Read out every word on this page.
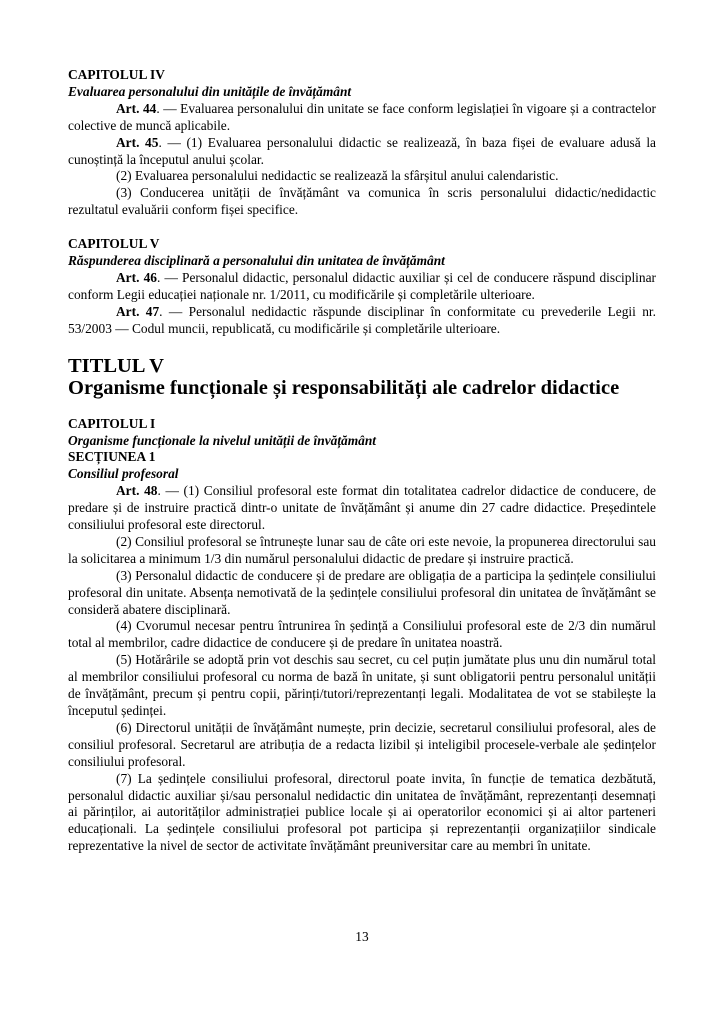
CAPITOLUL IV

Evaluarea personalului din unitățile de învățământ

Art. 44. — Evaluarea personalului din unitate se face conform legislației în vigoare și a contractelor colective de muncă aplicabile.

Art. 45. — (1) Evaluarea personalului didactic se realizează, în baza fișei de evaluare adusă la cunoștință la începutul anului școlar.

(2) Evaluarea personalului nedidactic se realizează la sfârșitul anului calendaristic.

(3) Conducerea unității de învățământ va comunica în scris personalului didactic/nedidactic rezultatul evaluării conform fișei specifice.

CAPITOLUL V

Răspunderea disciplinară a personalului din unitatea de învățământ

Art. 46. — Personalul didactic, personalul didactic auxiliar și cel de conducere răspund disciplinar conform Legii educației naționale nr. 1/2011, cu modificările și completările ulterioare.

Art. 47. — Personalul nedidactic răspunde disciplinar în conformitate cu prevederile Legii nr. 53/2003 — Codul muncii, republicată, cu modificările și completările ulterioare.

TITLUL V

Organisme funcționale și responsabilități ale cadrelor didactice

CAPITOLUL I

Organisme funcționale la nivelul unității de învățământ

SECȚIUNEA 1

Consiliul profesoral

Art. 48. — (1) Consiliul profesoral este format din totalitatea cadrelor didactice de conducere, de predare și de instruire practică dintr-o unitate de învățământ și anume din 27 cadre didactice. Președintele consiliului profesoral este directorul.

(2) Consiliul profesoral se întrunește lunar sau de câte ori este nevoie, la propunerea directorului sau la solicitarea a minimum 1/3 din numărul personalului didactic de predare și instruire practică.

(3) Personalul didactic de conducere și de predare are obligația de a participa la ședințele consiliului profesoral din unitate. Absența nemotivată de la ședințele consiliului profesoral din unitatea de învățământ se consideră abatere disciplinară.

(4) Cvorumul necesar pentru întrunirea în ședință a Consiliului profesoral este de 2/3 din numărul total al membrilor, cadre didactice de conducere și de predare în unitatea noastră.

(5) Hotărârile se adoptă prin vot deschis sau secret, cu cel puțin jumătate plus unu din numărul total al membrilor consiliului profesoral cu norma de bază în unitate, și sunt obligatorii pentru personalul unității de învățământ, precum și pentru copii, părinți/tutori/reprezentanți legali. Modalitatea de vot se stabilește la începutul ședinței.

(6) Directorul unității de învățământ numește, prin decizie, secretarul consiliului profesoral, ales de consiliul profesoral. Secretarul are atribuția de a redacta lizibil și inteligibil procesele-verbale ale ședințelor consiliului profesoral.

(7) La ședințele consiliului profesoral, directorul poate invita, în funcție de tematica dezbătută, personalul didactic auxiliar și/sau personalul nedidactic din unitatea de învățământ, reprezentanți desemnați ai părinților, ai autorităților administrației publice locale și ai operatorilor economici și ai altor parteneri educaționali. La ședințele consiliului profesoral pot participa și reprezentanții organizațiilor sindicale reprezentative la nivel de sector de activitate învățământ preuniversitar care au membri în unitate.

13
